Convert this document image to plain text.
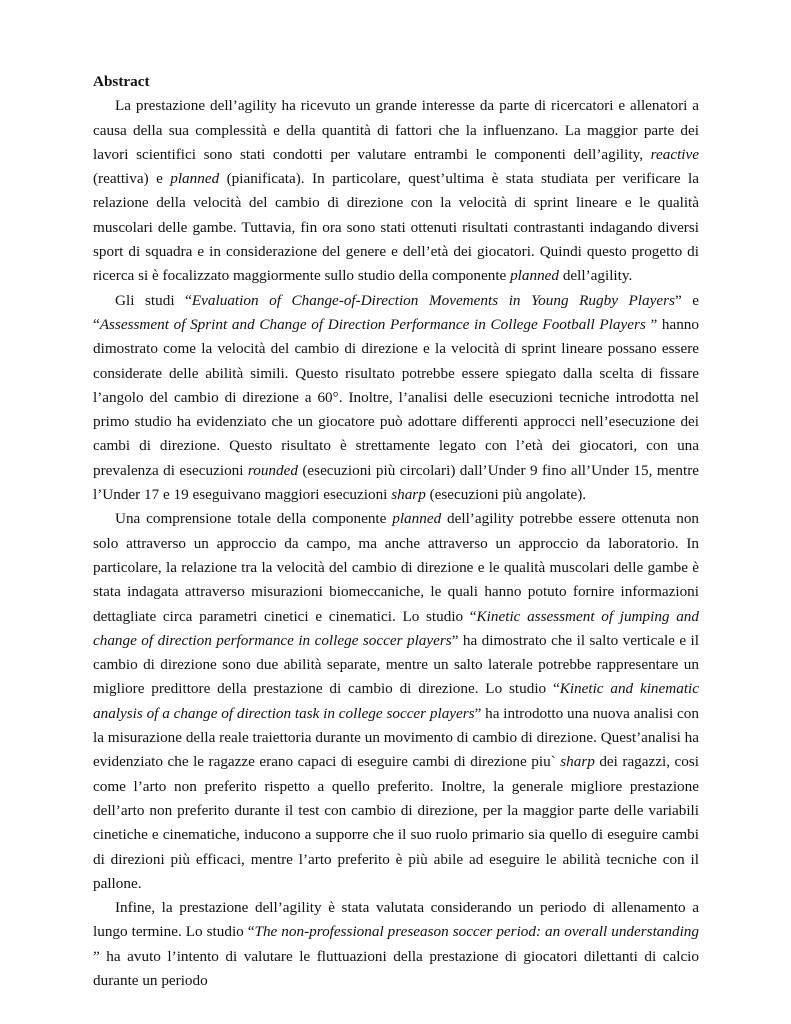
Abstract

La prestazione dell’agility ha ricevuto un grande interesse da parte di ricercatori e allenatori a causa della sua complessità e della quantità di fattori che la influenzano. La maggior parte dei lavori scientifici sono stati condotti per valutare entrambi le componenti dell’agility, reactive (reattiva) e planned (pianificata). In particolare, quest’ultima è stata studiata per verificare la relazione della velocità del cambio di direzione con la velocità di sprint lineare e le qualità muscolari delle gambe. Tuttavia, fin ora sono stati ottenuti risultati contrastanti indagando diversi sport di squadra e in considerazione del genere e dell’età dei giocatori. Quindi questo progetto di ricerca si è focalizzato maggiormente sullo studio della componente planned dell’agility.

Gli studi “Evaluation of Change-of-Direction Movements in Young Rugby Players” e “Assessment of Sprint and Change of Direction Performance in College Football Players ” hanno dimostrato come la velocità del cambio di direzione e la velocità di sprint lineare possano essere considerate delle abilità simili. Questo risultato potrebbe essere spiegato dalla scelta di fissare l’angolo del cambio di direzione a 60°. Inoltre, l’analisi delle esecuzioni tecniche introdotta nel primo studio ha evidenziato che un giocatore può adottare differenti approcci nell’esecuzione dei cambi di direzione. Questo risultato è strettamente legato con l’età dei giocatori, con una prevalenza di esecuzioni rounded (esecuzioni più circolari) dall’Under 9 fino all’Under 15, mentre l’Under 17 e 19 eseguivano maggiori esecuzioni sharp (esecuzioni più angolate).

Una comprensione totale della componente planned dell’agility potrebbe essere ottenuta non solo attraverso un approccio da campo, ma anche attraverso un approccio da laboratorio. In particolare, la relazione tra la velocità del cambio di direzione e le qualità muscolari delle gambe è stata indagata attraverso misurazioni biomeccaniche, le quali hanno potuto fornire informazioni dettagliate circa parametri cinetici e cinematici. Lo studio “Kinetic assessment of jumping and change of direction performance in college soccer players” ha dimostrato che il salto verticale e il cambio di direzione sono due abilità separate, mentre un salto laterale potrebbe rappresentare un migliore predittore della prestazione di cambio di direzione. Lo studio “Kinetic and kinematic analysis of a change of direction task in college soccer players” ha introdotto una nuova analisi con la misurazione della reale traiettoria durante un movimento di cambio di direzione. Quest’analisi ha evidenziato che le ragazze erano capaci di eseguire cambi di direzione piu` sharp dei ragazzi, cosi come l’arto non preferito rispetto a quello preferito. Inoltre, la generale migliore prestazione dell’arto non preferito durante il test con cambio di direzione, per la maggior parte delle variabili cinetiche e cinematiche, inducono a supporre che il suo ruolo primario sia quello di eseguire cambi di direzioni più efficaci, mentre l’arto preferito è più abile ad eseguire le abilità tecniche con il pallone.

Infine, la prestazione dell’agility è stata valutata considerando un periodo di allenamento a lungo termine. Lo studio “The non-professional preseason soccer period: an overall understanding ” ha avuto l’intento di valutare le fluttuazioni della prestazione di giocatori dilettanti di calcio durante un periodo
